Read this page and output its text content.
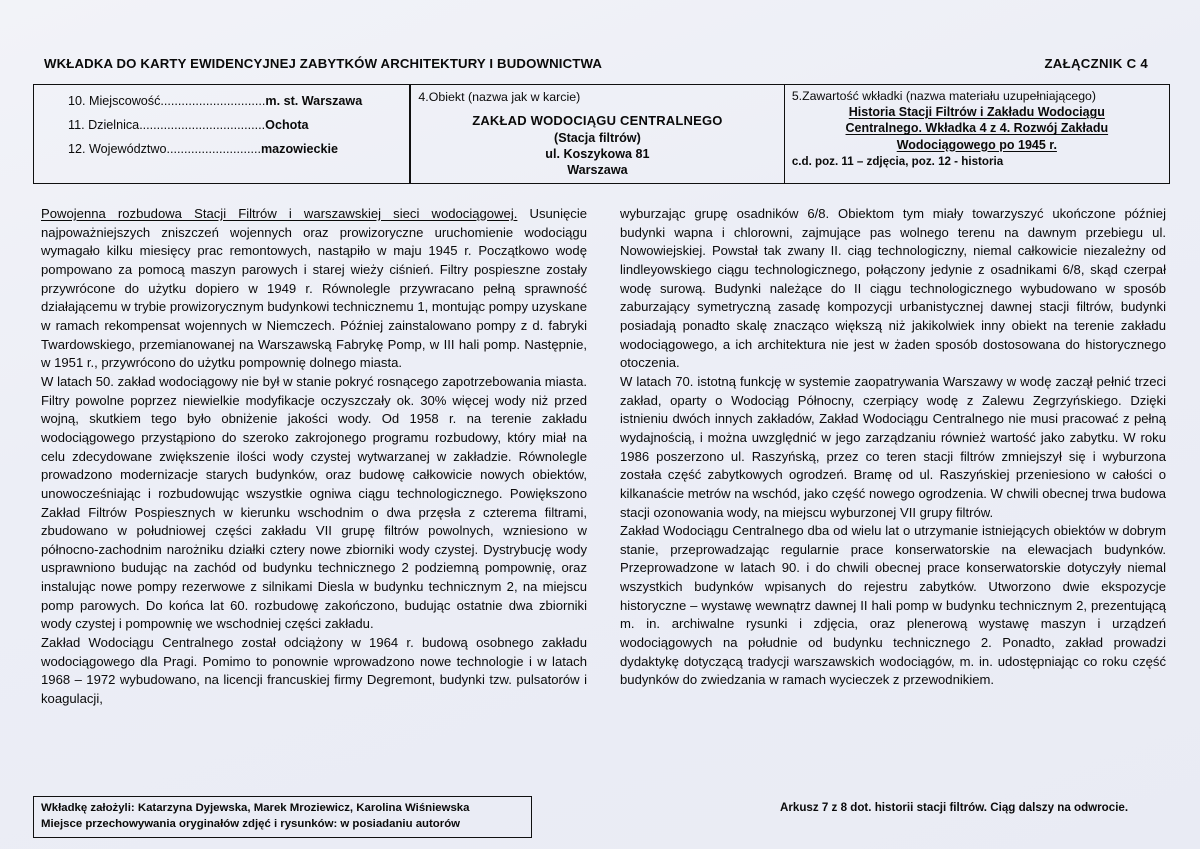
WKŁADKA DO KARTY EWIDENCYJNEJ ZABYTKÓW ARCHITEKTURY I BUDOWNICTWA	ZAŁĄCZNIK C 4

10. Miejscowość..............................m. st. Warszawa

11. Dzielnica....................................Ochota

12. Województwo...........................mazowieckie

4.Obiekt (nazwa jak w karcie)

ZAKŁAD WODOCIĄGU CENTRALNEGO
(Stacja filtrów)
ul. Koszykowa 81
Warszawa

5.Zawartość wkładki (nazwa materiału uzupełniającego)

Historia Stacji Filtrów i Zakładu Wodociągu
Centralnego. Wkładka 4 z 4. Rozwój Zakładu
Wodociągowego po 1945 r.
c.d. poz. 11 – zdjęcia, poz. 12 - historia

Powojenna rozbudowa Stacji Filtrów i warszawskiej sieci wodociągowej. Usunięcie najpoważniejszych zniszczeń wojennych oraz prowizoryczne uruchomienie wodociągu wymagało kilku miesięcy prac remontowych, nastąpiło w maju 1945 r. Początkowo wodę pompowano za pomocą maszyn parowych i starej wieży ciśnień. Filtry pospieszne zostały przywrócone do użytku dopiero w 1949 r. Równolegle przywracano pełną sprawność działającemu w trybie prowizorycznym budynkowi technicznemu 1, montując pompy uzyskane w ramach rekompensat wojennych w Niemczech. Później zainstalowano pompy z d. fabryki Twardowskiego, przemianowanej na Warszawską Fabrykę Pomp, w III hali pomp. Następnie, w 1951 r., przywrócono do użytku pompownię dolnego miasta.

W latach 50. zakład wodociągowy nie był w stanie pokryć rosnącego zapotrzebowania miasta. Filtry powolne poprzez niewielkie modyfikacje oczyszczały ok. 30% więcej wody niż przed wojną, skutkiem tego było obniżenie jakości wody. Od 1958 r. na terenie zakładu wodociągowego przystąpiono do szeroko zakrojonego programu rozbudowy, który miał na celu zdecydowane zwiększenie ilości wody czystej wytwarzanej w zakładzie. Równolegle prowadzono modernizacje starych budynków, oraz budowę całkowicie nowych obiektów, unowocześniając i rozbudowując wszystkie ogniwa ciągu technologicznego. Powiększono Zakład Filtrów Pospiesznych w kierunku wschodnim o dwa przęsła z czterema filtrami, zbudowano w południowej części zakładu VII grupę filtrów powolnych, wzniesiono w północno-zachodnim narożniku działki cztery nowe zbiorniki wody czystej. Dystrybucję wody usprawniono budując na zachód od budynku technicznego 2 podziemną pompownię, oraz instalując nowe pompy rezerwowe z silnikami Diesla w budynku technicznym 2, na miejscu pomp parowych. Do końca lat 60. rozbudowę zakończono, budując ostatnie dwa zbiorniki wody czystej i pompownię we wschodniej części zakładu.

Zakład Wodociągu Centralnego został odciążony w 1964 r. budową osobnego zakładu wodociągowego dla Pragi. Pomimo to ponownie wprowadzono nowe technologie i w latach 1968 – 1972 wybudowano, na licencji francuskiej firmy Degremont, budynki tzw. pulsatorów i koagulacji,

wyburzając grupę osadników 6/8. Obiektom tym miały towarzyszyć ukończone później budynki wapna i chlorowni, zajmujące pas wolnego terenu na dawnym przebiegu ul. Nowowiejskiej. Powstał tak zwany II. ciąg technologiczny, niemal całkowicie niezależny od lindleyowskiego ciągu technologicznego, połączony jedynie z osadnikami 6/8, skąd czerpał wodę surową. Budynki należące do II ciągu technologicznego wybudowano w sposób zaburzający symetryczną zasadę kompozycji urbanistycznej dawnej stacji filtrów, budynki posiadają ponadto skalę znacząco większą niż jakikolwiek inny obiekt na terenie zakładu wodociągowego, a ich architektura nie jest w żaden sposób dostosowana do historycznego otoczenia.

W latach 70. istotną funkcję w systemie zaopatrywania Warszawy w wodę zaczął pełnić trzeci zakład, oparty o Wodociąg Północny, czerpiący wodę z Zalewu Zegrzyńskiego. Dzięki istnieniu dwóch innych zakładów, Zakład Wodociągu Centralnego nie musi pracować z pełną wydajnością, i można uwzględnić w jego zarządzaniu również wartość jako zabytku. W roku 1986 poszerzono ul. Raszyńską, przez co teren stacji filtrów zmniejszył się i wyburzona została część zabytkowych ogrodzeń. Bramę od ul. Raszyńskiej przeniesiono w całości o kilkanaście metrów na wschód, jako część nowego ogrodzenia. W chwili obecnej trwa budowa stacji ozonowania wody, na miejscu wyburzonej VII grupy filtrów.

Zakład Wodociągu Centralnego dba od wielu lat o utrzymanie istniejących obiektów w dobrym stanie, przeprowadzając regularnie prace konserwatorskie na elewacjach budynków. Przeprowadzone w latach 90. i do chwili obecnej prace konserwatorskie dotyczyły niemal wszystkich budynków wpisanych do rejestru zabytków. Utworzono dwie ekspozycje historyczne – wystawę wewnątrz dawnej II hali pomp w budynku technicznym 2, prezentującą m. in. archiwalne rysunki i zdjęcia, oraz plenerową wystawę maszyn i urządzeń wodociągowych na południe od budynku technicznego 2. Ponadto, zakład prowadzi dydaktykę dotyczącą tradycji warszawskich wodociągów, m. in. udostępniając co roku część budynków do zwiedzania w ramach wycieczek z przewodnikiem.

Wkładkę założyli: Katarzyna Dyjewska, Marek Mroziewicz, Karolina Wiśniewska
Miejsce przechowywania oryginałów zdjęć i rysunków: w posiadaniu autorów
Arkusz 7 z 8 dot. historii stacji filtrów. Ciąg dalszy na odwrocie.
